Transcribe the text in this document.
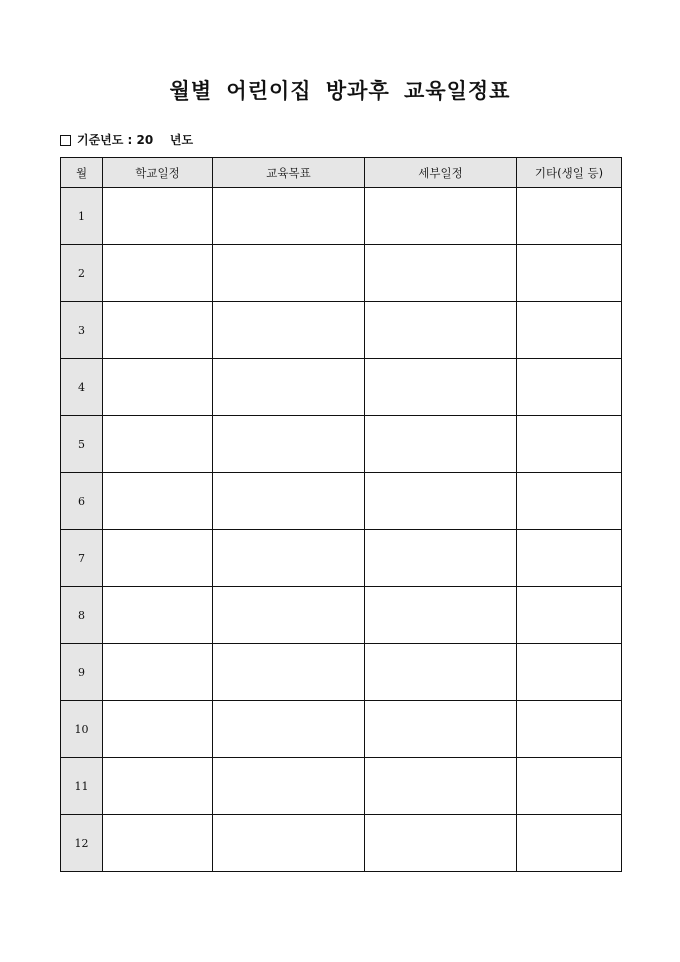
월별 어린이집 방과후 교육일정표
기준년도 : 20    년도
월	학교일정	교육목표	세부일정	기타(생일 등)
1				
2				
3				
4				
5				
6				
7				
8				
9				
10				
11				
12				
